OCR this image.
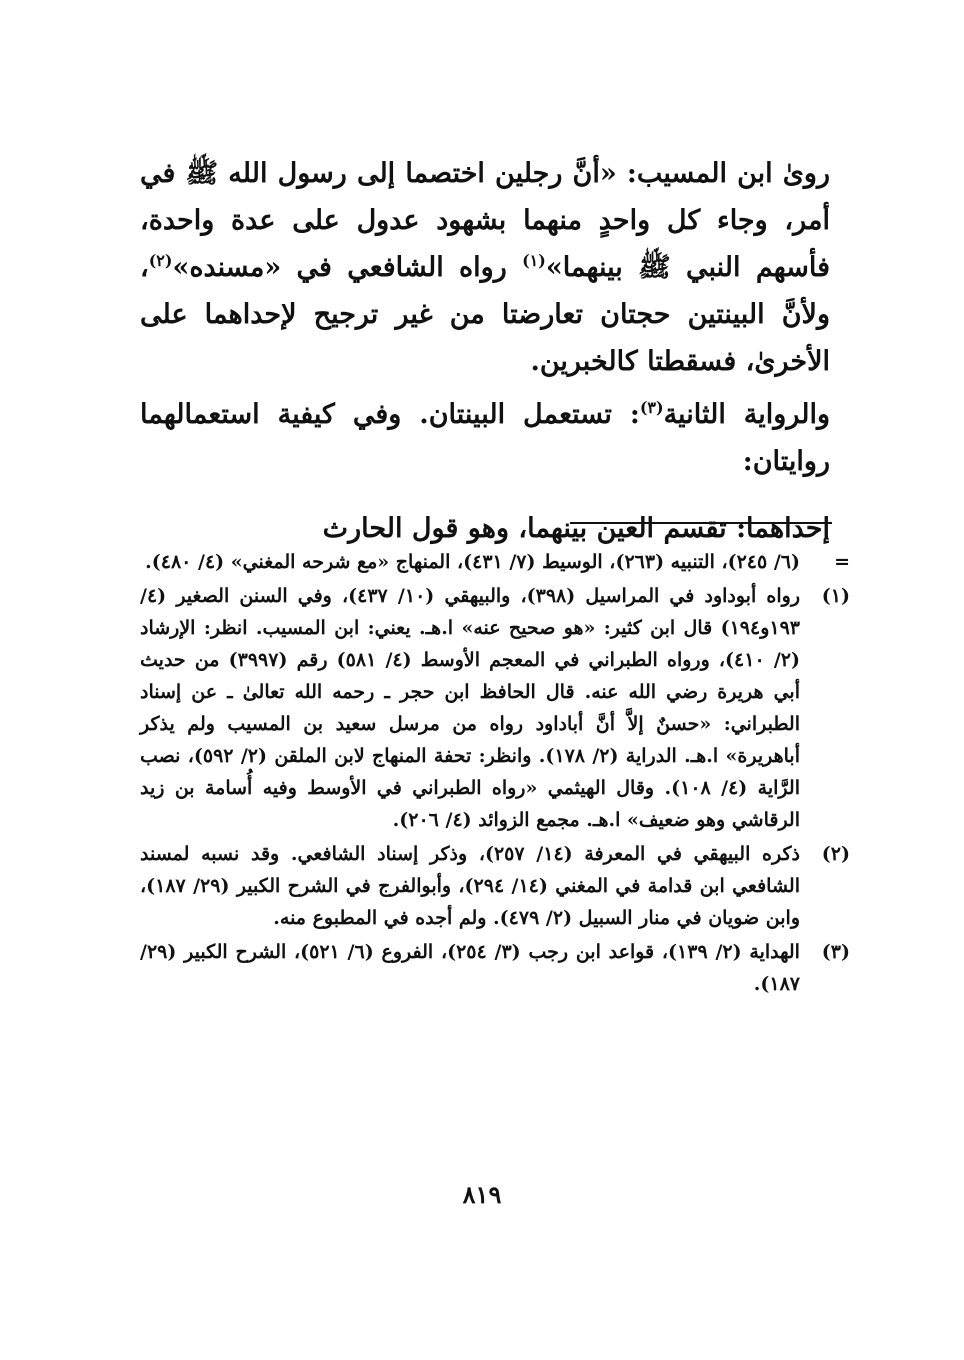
رویٰ ابن المسيب: «أنَّ رجلين اختصما إلى رسول الله ﷺ في أمر، وجاء كل واحدٍ منهما بشهود عدول على عدة واحدة، فأسهم النبي ﷺ بينهما»$^{(١)}$ رواه الشافعي في «مسنده»$^{(٢)}$، ولأنَّ البينتين حجتان تعارضتا من غير ترجيح لإحداهما على الأخرىٰ، فسقطتا كالخبرين.

والرواية الثانية$^{(٣)}$: تستعمل البينتان. وفي كيفية استعمالهما روايتان:

إحداهما: تقسم العين بينهما، وهو قول الحارث

=
(٦/ ٢٤٥)، التنبيه (٢٦٣)، الوسيط (٧/ ٤٣١)، المنهاج «مع شرحه المغني» (٤/ ٤٨٠).
(١)
رواه أبوداود في المراسيل (٣٩٨)، والبيهقي (١٠/ ٤٣٧)، وفي السنن الصغير (٤/ ١٩٣و١٩٤) قال ابن كثير: «هو صحيح عنه» ا.هـ. يعني: ابن المسيب. انظر: الإرشاد (٢/ ٤١٠)، ورواه الطبراني في المعجم الأوسط (٤/ ٥٨١) رقم (٣٩٩٧) من حديث أبي هريرة رضي الله عنه. قال الحافظ ابن حجر ـ رحمه الله تعالىٰ ـ عن إسناد الطبراني: «حسنٌ إلاَّ أنَّ أباداود رواه من مرسل سعيد بن المسيب ولم يذكر أباهريرة» ا.هـ. الدراية (٢/ ١٧٨). وانظر: تحفة المنهاج لابن الملقن (٢/ ٥٩٢)، نصب الرَّاية (٤/ ١٠٨). وقال الهيثمي «رواه الطبراني في الأوسط وفيه أُسامة بن زيد الرقاشي وهو ضعيف» ا.هـ. مجمع الزوائد (٤/ ٢٠٦).
(٢)
ذكره البيهقي في المعرفة (١٤/ ٢٥٧)، وذكر إسناد الشافعي. وقد نسبه لمسند الشافعي ابن قدامة في المغني (١٤/ ٢٩٤)، وأبوالفرج في الشرح الكبير (٢٩/ ١٨٧)، وابن ضويان في منار السبيل (٢/ ٤٧٩). ولم أجده في المطبوع منه.
(٣)
الهداية (٢/ ١٣٩)، قواعد ابن رجب (٣/ ٢٥٤)، الفروع (٦/ ٥٢١)، الشرح الكبير (٢٩/ ١٨٧).
٨١٩
